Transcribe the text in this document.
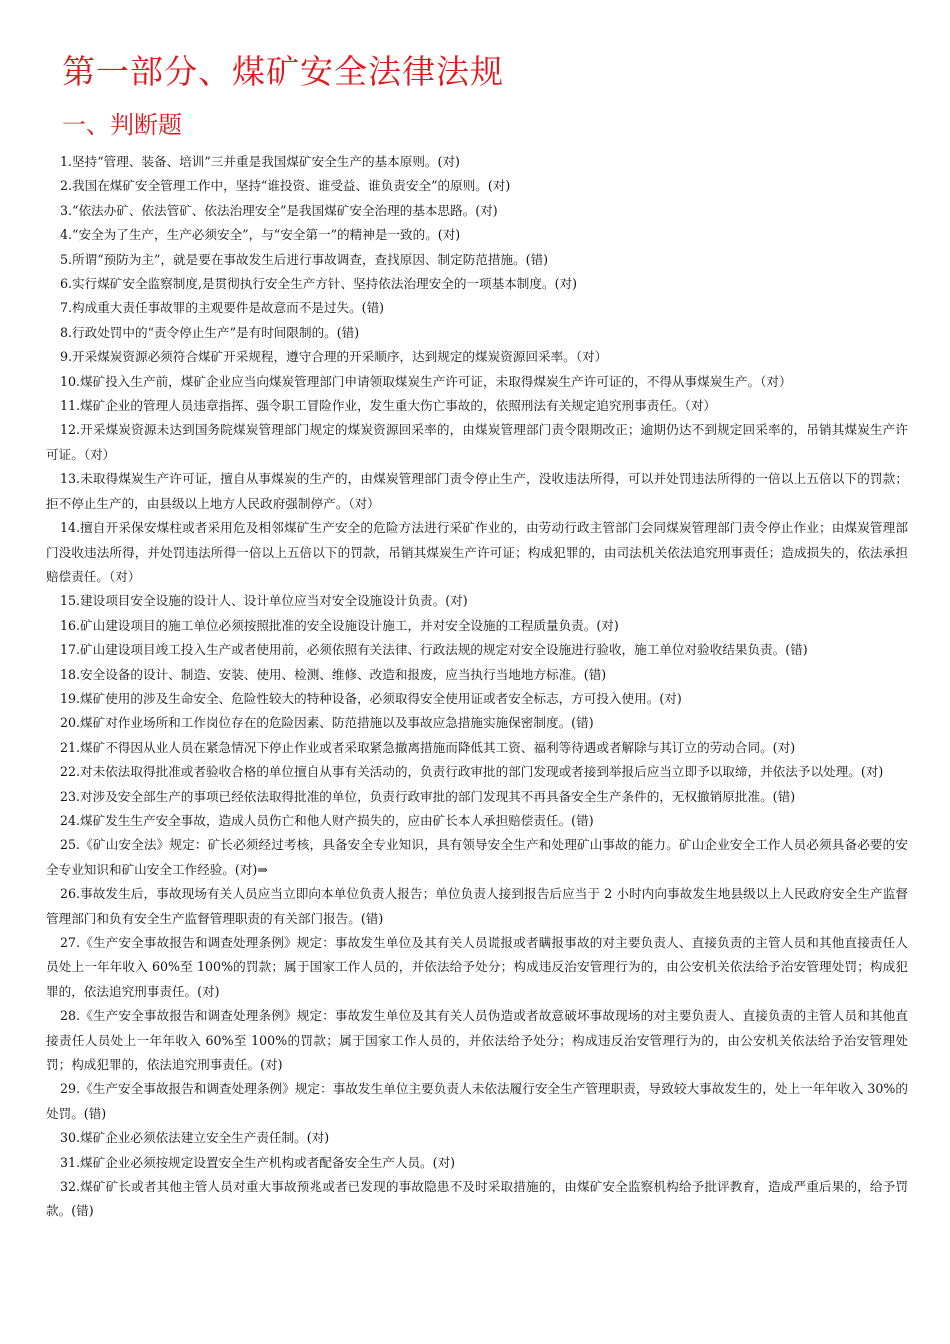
第一部分、煤矿安全法律法规
一、判断题
1.坚持“管理、装备、培训”三并重是我国煤矿安全生产的基本原则。(对)
2.我国在煤矿安全管理工作中，坚持“谁投资、谁受益、谁负责安全”的原则。(对)
3.“依法办矿、依法管矿、依法治理安全”是我国煤矿安全治理的基本思路。(对)
4.“安全为了生产，生产必须安全”，与“安全第一”的精神是一致的。(对)
5.所谓“预防为主”，就是要在事故发生后进行事故调查，查找原因、制定防范措施。(错)
6.实行煤矿安全监察制度,是贯彻执行安全生产方针、坚持依法治理安全的一项基本制度。(对)
7.构成重大责任事故罪的主观要件是故意而不是过失。(错)
8.行政处罚中的“责令停止生产”是有时间限制的。(错)
9.开采煤炭资源必须符合煤矿开采规程，遵守合理的开采顺序，达到规定的煤炭资源回采率。（对）
10.煤矿投入生产前，煤矿企业应当向煤炭管理部门申请领取煤炭生产许可证，未取得煤炭生产许可证的，不得从事煤炭生产。（对）
11.煤矿企业的管理人员违章指挥、强令职工冒险作业，发生重大伤亡事故的，依照刑法有关规定追究刑事责任。（对）
12.开采煤炭资源未达到国务院煤炭管理部门规定的煤炭资源回采率的，由煤炭管理部门责令限期改正；逾期仍达不到规定回采率的，吊销其煤炭生产许可证。（对）
13.未取得煤炭生产许可证，擅自从事煤炭的生产的，由煤炭管理部门责令停止生产，没收违法所得，可以并处罚违法所得的一倍以上五倍以下的罚款；拒不停止生产的，由县级以上地方人民政府强制停产。（对）
14.擅自开采保安煤柱或者采用危及相邻煤矿生产安全的危险方法进行采矿作业的，由劳动行政主管部门会同煤炭管理部门责令停止作业；由煤炭管理部门没收违法所得，并处罚违法所得一倍以上五倍以下的罚款，吊销其煤炭生产许可证；构成犯罪的，由司法机关依法追究刑事责任；造成损失的，依法承担赔偿责任。（对）
15.建设项目安全设施的设计人、设计单位应当对安全设施设计负责。(对)
16.矿山建设项目的施工单位必须按照批准的安全设施设计施工，并对安全设施的工程质量负责。(对)
17.矿山建设项目竣工投入生产或者使用前，必须依照有关法律、行政法规的规定对安全设施进行验收，施工单位对验收结果负责。(错)
18.安全设备的设计、制造、安装、使用、检测、维修、改造和报废，应当执行当地地方标准。(错)
19.煤矿使用的涉及生命安全、危险性较大的特种设备，必须取得安全使用证或者安全标志，方可投入使用。(对)
20.煤矿对作业场所和工作岗位存在的危险因素、防范措施以及事故应急措施实施保密制度。(错)
21.煤矿不得因从业人员在紧急情况下停止作业或者采取紧急撤离措施而降低其工资、福利等待遇或者解除与其订立的劳动合同。(对)
22.对未依法取得批准或者验收合格的单位擅自从事有关活动的，负责行政审批的部门发现或者接到举报后应当立即予以取缔，并依法予以处理。(对)
23.对涉及安全部生产的事项已经依法取得批准的单位，负责行政审批的部门发现其不再具备安全生产条件的，无权撤销原批准。(错)
24.煤矿发生生产安全事故，造成人员伤亡和他人财产损失的，应由矿长本人承担赔偿责任。(错)
25.《矿山安全法》规定：矿长必须经过考核，具备安全专业知识，具有领导安全生产和处理矿山事故的能力。矿山企业安全工作人员必须具备必要的安全专业知识和矿山安全工作经验。(对)⇒
26.事故发生后，事故现场有关人员应当立即向本单位负责人报告；单位负责人接到报告后应当于 2 小时内向事故发生地县级以上人民政府安全生产监督管理部门和负有安全生产监督管理职责的有关部门报告。(错)
27.《生产安全事故报告和调查处理条例》规定：事故发生单位及其有关人员谎报或者瞒报事故的对主要负责人、直接负责的主管人员和其他直接责任人员处上一年年收入 60%至 100%的罚款；属于国家工作人员的，并依法给予处分；构成违反治安管理行为的，由公安机关依法给予治安管理处罚；构成犯罪的，依法追究刑事责任。(对)
28.《生产安全事故报告和调查处理条例》规定：事故发生单位及其有关人员伪造或者故意破坏事故现场的对主要负责人、直接负责的主管人员和其他直接责任人员处上一年年收入 60%至 100%的罚款；属于国家工作人员的，并依法给予处分；构成违反治安管理行为的，由公安机关依法给予治安管理处罚；构成犯罪的，依法追究刑事责任。(对)
29.《生产安全事故报告和调查处理条例》规定：事故发生单位主要负责人未依法履行安全生产管理职责，导致较大事故发生的，处上一年年收入 30%的处罚。(错)
30.煤矿企业必须依法建立安全生产责任制。(对)
31.煤矿企业必须按规定设置安全生产机构或者配备安全生产人员。(对)
32.煤矿矿长或者其他主管人员对重大事故预兆或者已发现的事故隐患不及时采取措施的，由煤矿安全监察机构给予批评教育，造成严重后果的，给予罚款。(错)
